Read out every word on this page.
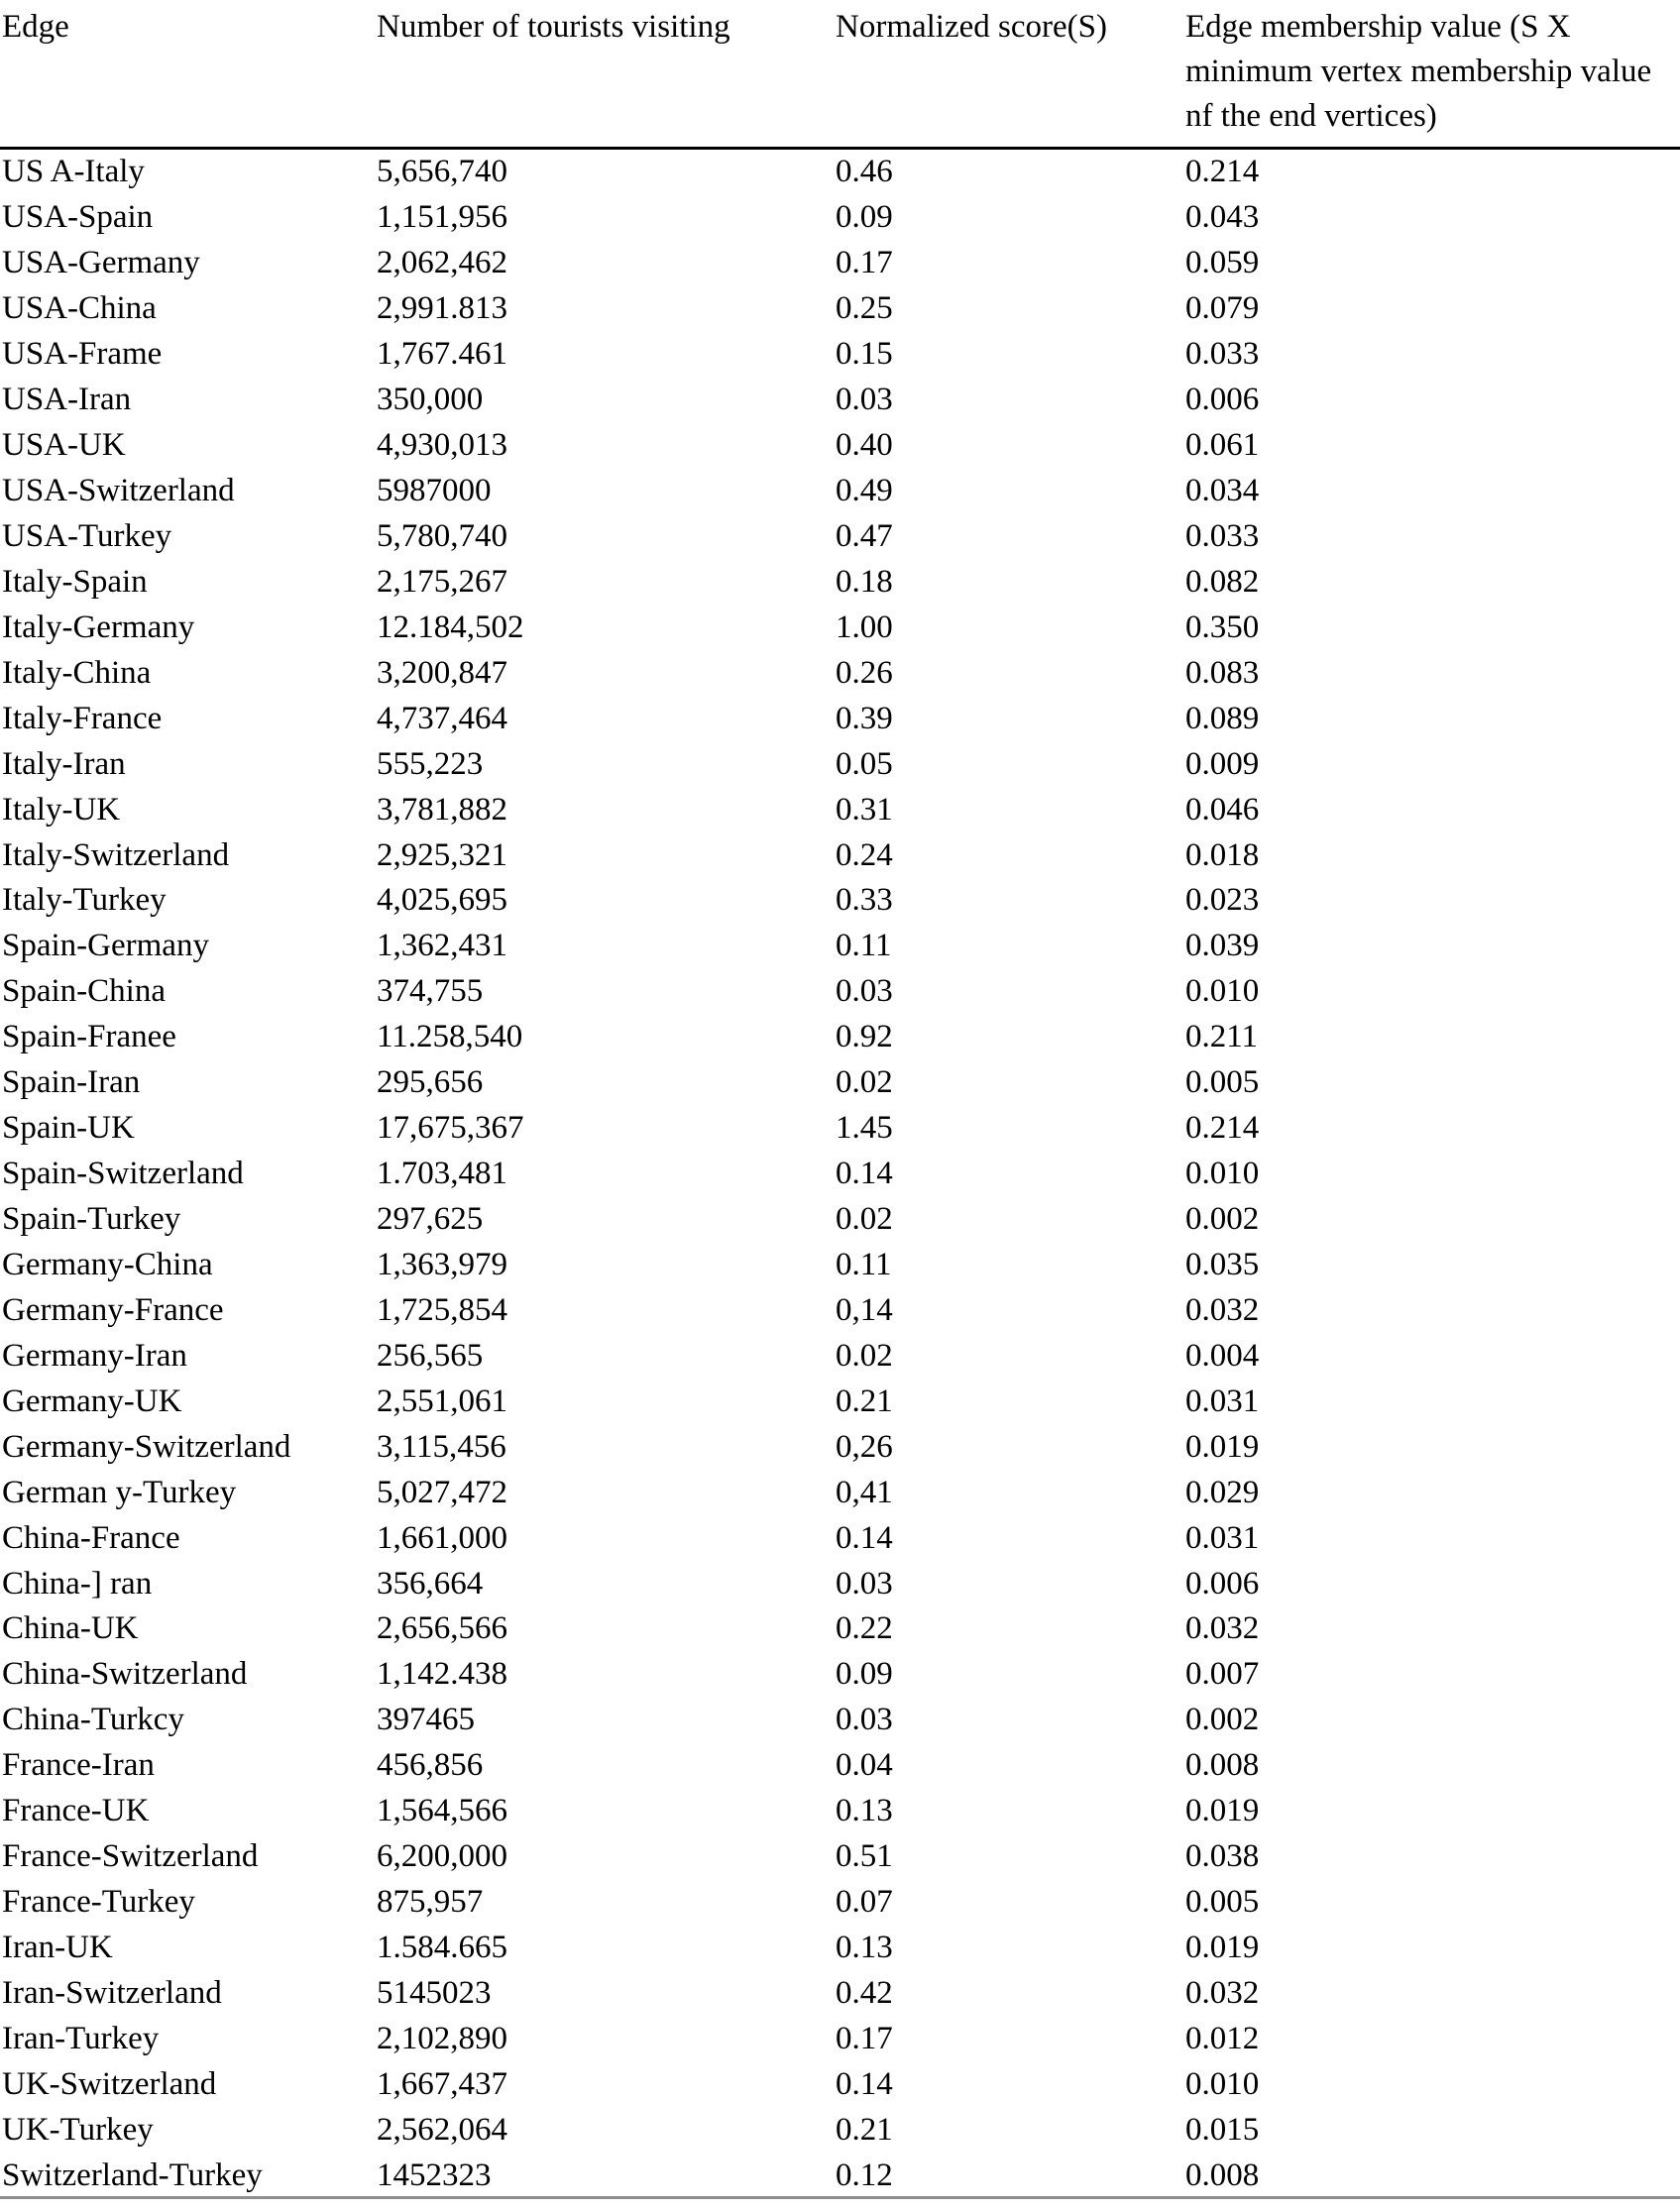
Edge	Number of tourists visiting	Normalized score(S)	Edge membership value (S X minimum vertex membership value nf the end vertices)
US A-Italy	5,656,740	0.46	0.214
USA-Spain	1,151,956	0.09	0.043
USA-Germany	2,062,462	0.17	0.059
USA-China	2,991.813	0.25	0.079
USA-Frame	1,767.461	0.15	0.033
USA-Iran	350,000	0.03	0.006
USA-UK	4,930,013	0.40	0.061
USA-Switzerland	5987000	0.49	0.034
USA-Turkey	5,780,740	0.47	0.033
Italy-Spain	2,175,267	0.18	0.082
Italy-Germany	12.184,502	1.00	0.350
Italy-China	3,200,847	0.26	0.083
Italy-France	4,737,464	0.39	0.089
Italy-Iran	555,223	0.05	0.009
Italy-UK	3,781,882	0.31	0.046
Italy-Switzerland	2,925,321	0.24	0.018
Italy-Turkey	4,025,695	0.33	0.023
Spain-Germany	1,362,431	0.11	0.039
Spain-China	374,755	0.03	0.010
Spain-Franee	11.258,540	0.92	0.211
Spain-Iran	295,656	0.02	0.005
Spain-UK	17,675,367	1.45	0.214
Spain-Switzerland	1.703,481	0.14	0.010
Spain-Turkey	297,625	0.02	0.002
Germany-China	1,363,979	0.11	0.035
Germany-France	1,725,854	0,14	0.032
Germany-Iran	256,565	0.02	0.004
Germany-UK	2,551,061	0.21	0.031
Germany-Switzerland	3,115,456	0,26	0.019
German y-Turkey	5,027,472	0,41	0.029
China-France	1,661,000	0.14	0.031
China-] ran	356,664	0.03	0.006
China-UK	2,656,566	0.22	0.032
China-Switzerland	1,142.438	0.09	0.007
China-Turkcy	397465	0.03	0.002
France-Iran	456,856	0.04	0.008
France-UK	1,564,566	0.13	0.019
France-Switzerland	6,200,000	0.51	0.038
France-Turkey	875,957	0.07	0.005
Iran-UK	1.584.665	0.13	0.019
Iran-Switzerland	5145023	0.42	0.032
Iran-Turkey	2,102,890	0.17	0.012
UK-Switzerland	1,667,437	0.14	0.010
UK-Turkey	2,562,064	0.21	0.015
Switzerland-Turkey	1452323	0.12	0.008
